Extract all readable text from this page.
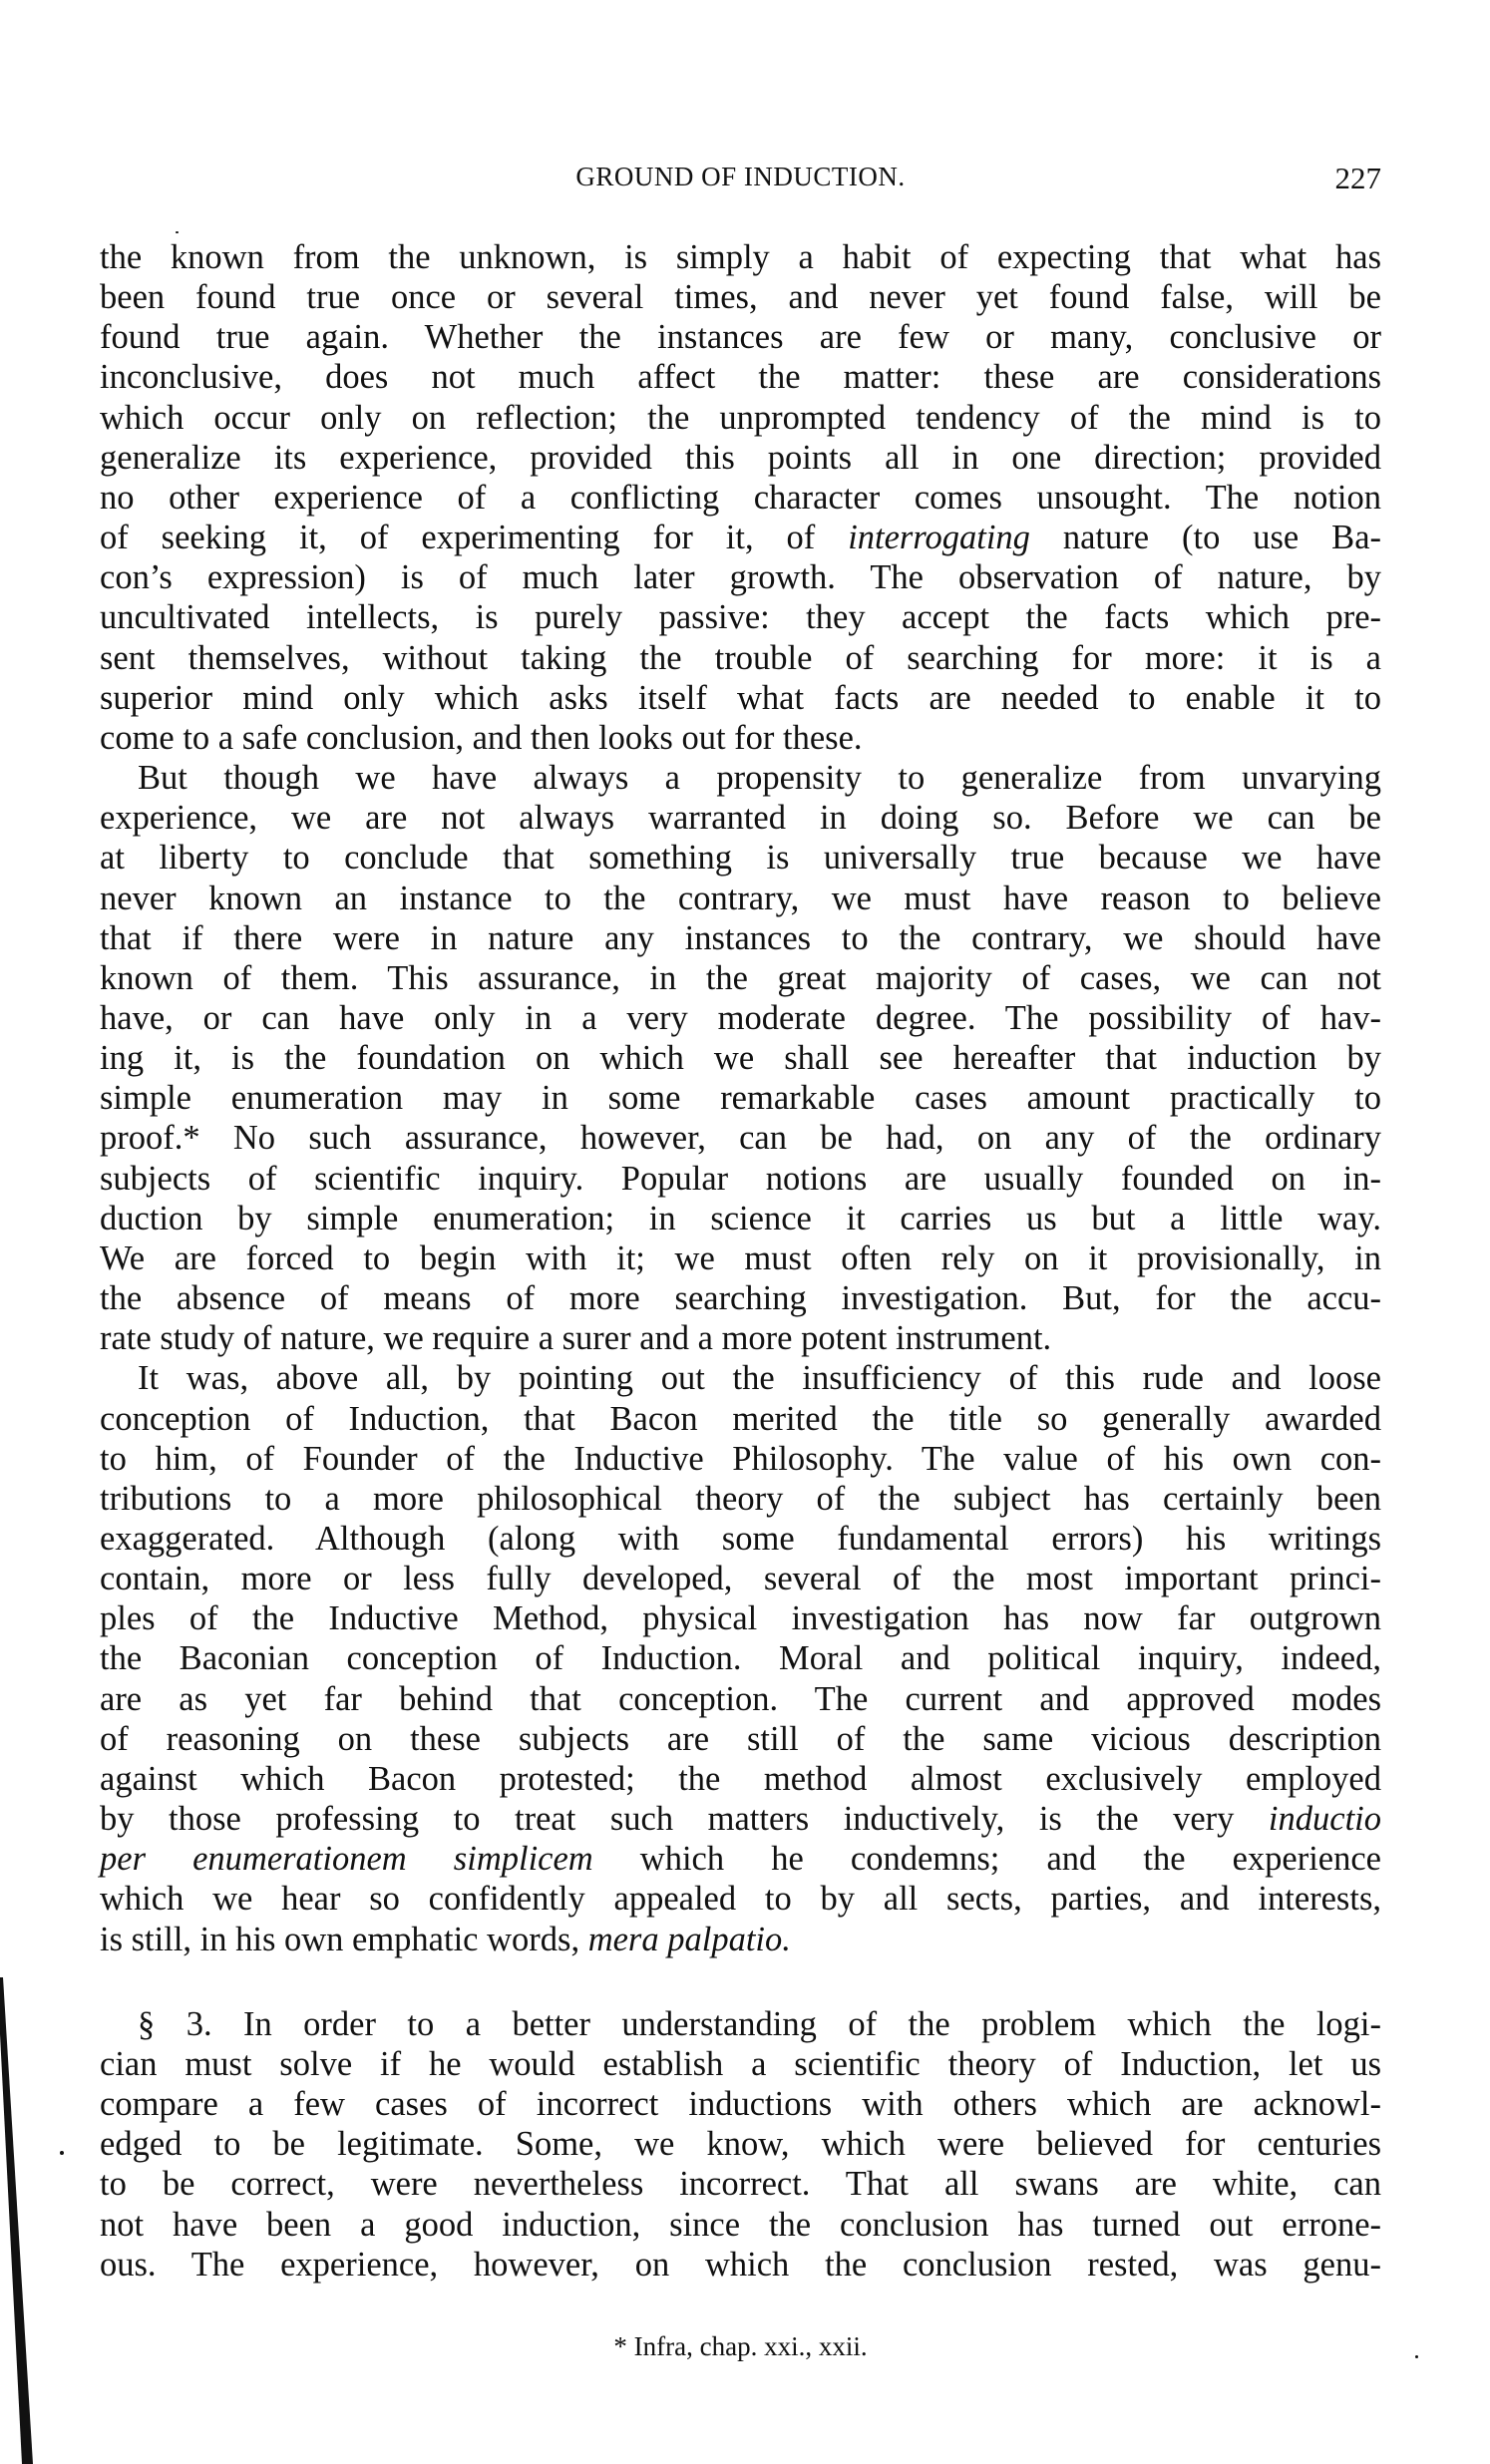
GROUND OF INDUCTION.	227
the known from the unknown, is simply a habit of expecting that what has
been found true once or several times, and never yet found false, will be
found true again. Whether the instances are few or many, conclusive or
inconclusive, does not much affect the matter: these are considerations
which occur only on reflection; the unprompted tendency of the mind is to
generalize its experience, provided this points all in one direction; provided
no other experience of a conflicting character comes unsought. The notion
of seeking it, of experimenting for it, of interrogating nature (to use Ba-
con’s expression) is of much later growth. The observation of nature, by
uncultivated intellects, is purely passive: they accept the facts which pre-
sent themselves, without taking the trouble of searching for more: it is a
superior mind only which asks itself what facts are needed to enable it to
come to a safe conclusion, and then looks out for these.
But though we have always a propensity to generalize from unvarying
experience, we are not always warranted in doing so. Before we can be
at liberty to conclude that something is universally true because we have
never known an instance to the contrary, we must have reason to believe
that if there were in nature any instances to the contrary, we should have
known of them. This assurance, in the great majority of cases, we can not
have, or can have only in a very moderate degree. The possibility of hav-
ing it, is the foundation on which we shall see hereafter that induction by
simple enumeration may in some remarkable cases amount practically to
proof.* No such assurance, however, can be had, on any of the ordinary
subjects of scientific inquiry. Popular notions are usually founded on in-
duction by simple enumeration; in science it carries us but a little way.
We are forced to begin with it; we must often rely on it provisionally, in
the absence of means of more searching investigation. But, for the accu-
rate study of nature, we require a surer and a more potent instrument.
It was, above all, by pointing out the insufficiency of this rude and loose
conception of Induction, that Bacon merited the title so generally awarded
to him, of Founder of the Inductive Philosophy. The value of his own con-
tributions to a more philosophical theory of the subject has certainly been
exaggerated. Although (along with some fundamental errors) his writings
contain, more or less fully developed, several of the most important princi-
ples of the Inductive Method, physical investigation has now far outgrown
the Baconian conception of Induction. Moral and political inquiry, indeed,
are as yet far behind that conception. The current and approved modes
of reasoning on these subjects are still of the same vicious description
against which Bacon protested; the method almost exclusively employed
by those professing to treat such matters inductively, is the very inductio
per enumerationem simplicem which he condemns; and the experience
which we hear so confidently appealed to by all sects, parties, and interests,
is still, in his own emphatic words, mera palpatio.
§ 3. In order to a better understanding of the problem which the logi-
cian must solve if he would establish a scientific theory of Induction, let us
compare a few cases of incorrect inductions with others which are acknowl-
edged to be legitimate. Some, we know, which were believed for centuries
to be correct, were nevertheless incorrect. That all swans are white, can
not have been a good induction, since the conclusion has turned out errone-
ous. The experience, however, on which the conclusion rested, was genu-
* Infra, chap. xxi., xxii.
